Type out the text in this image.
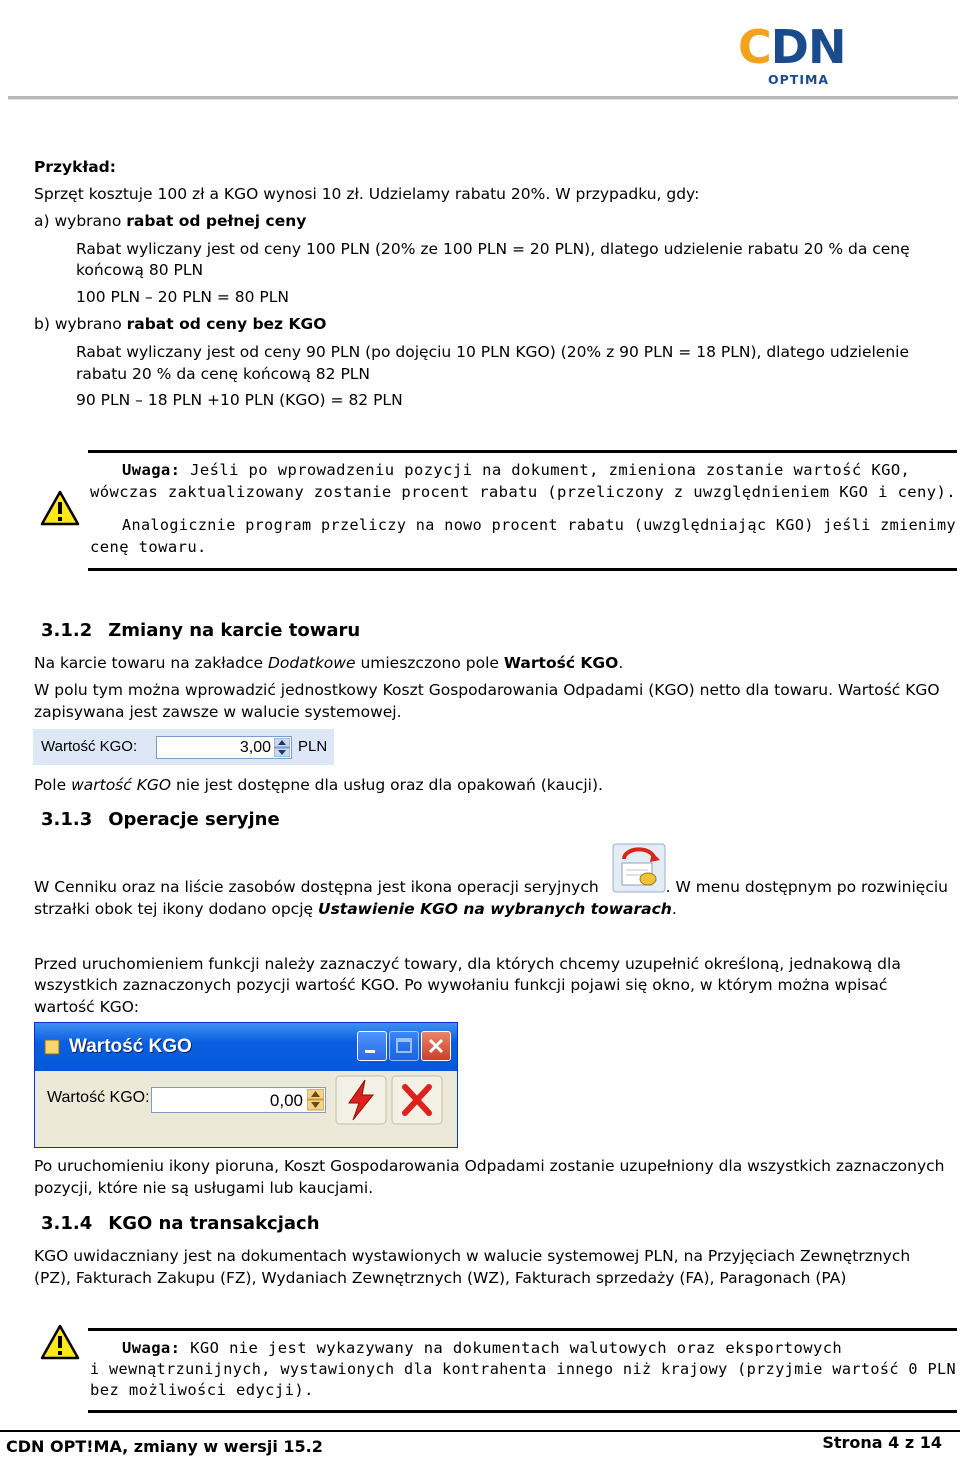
CDN
OPTIMA
Przykład:
Sprzęt kosztuje 100 zł a KGO wynosi 10 zł. Udzielamy rabatu 20%. W przypadku, gdy:
a) wybrano rabat od pełnej ceny
Rabat wyliczany jest od ceny 100 PLN (20% ze 100 PLN = 20 PLN), dlatego udzielenie rabatu 20 % da cenę
końcową 80 PLN
100 PLN – 20 PLN = 80 PLN
b) wybrano rabat od ceny bez KGO
Rabat wyliczany jest od ceny 90 PLN (po dojęciu 10 PLN KGO) (20% z 90 PLN = 18 PLN), dlatego udzielenie
rabatu 20 % da cenę końcową 82 PLN
90 PLN – 18 PLN +10 PLN (KGO) = 82 PLN
Uwaga: Jeśli po wprowadzeniu pozycji na dokument, zmieniona zostanie wartość KGO,
wówczas zaktualizowany zostanie procent rabatu (przeliczony z uwzględnieniem KGO i ceny).
Analogicznie program przeliczy na nowo procent rabatu (uwzględniając KGO) jeśli zmienimy
cenę towaru.
3.1.2 Zmiany na karcie towaru
Na karcie towaru na zakładce Dodatkowe umieszczono pole Wartość KGO.
W polu tym można wprowadzić jednostkowy Koszt Gospodarowania Odpadami (KGO) netto dla towaru. Wartość KGO
zapisywana jest zawsze w walucie systemowej.
Wartość KGO:	3,00 PLN
Pole wartość KGO nie jest dostępne dla usług oraz dla opakowań (kaucji).
3.1.3 Operacje seryjne
W Cenniku oraz na liście zasobów dostępna jest ikona operacji seryjnych	. W menu dostępnym po rozwinięciu
strzałki obok tej ikony dodano opcję Ustawienie KGO na wybranych towarach.
Przed uruchomieniem funkcji należy zaznaczyć towary, dla których chcemy uzupełnić określoną, jednakową dla
wszystkich zaznaczonych pozycji wartość KGO. Po wywołaniu funkcji pojawi się okno, w którym można wpisać
wartość KGO:
Wartość KGO
Wartość KGO:	0,00
Po uruchomieniu ikony pioruna, Koszt Gospodarowania Odpadami zostanie uzupełniony dla wszystkich zaznaczonych
pozycji, które nie są usługami lub kaucjami.
3.1.4 KGO na transakcjach
KGO uwidaczniany jest na dokumentach wystawionych w walucie systemowej PLN, na Przyjęciach Zewnętrznych
(PZ), Fakturach Zakupu (FZ), Wydaniach Zewnętrznych (WZ), Fakturach sprzedaży (FA), Paragonach (PA)
Uwaga: KGO nie jest wykazywany na dokumentach walutowych oraz eksportowych
i wewnątrzunijnych, wystawionych dla kontrahenta innego niż krajowy (przyjmie wartość 0 PLN
bez możliwości edycji).
CDN OPT!MA, zmiany w wersji 15.2	Strona 4 z 14
